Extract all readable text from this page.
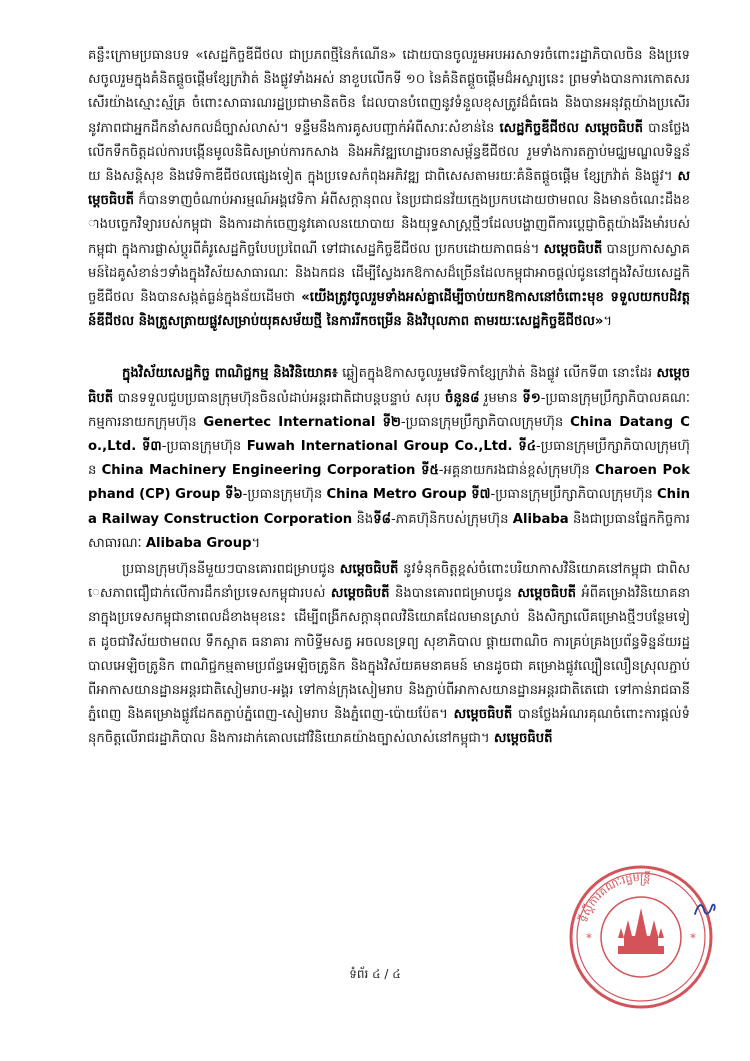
គន្លឹះក្រោមប្រធានបទ «សេដ្ឋកិច្ចឌីជីថល ជាប្រភពថ្មីនៃកំណើន» ដោយបានចូលរួមអបអរសាទរចំពោះរដ្ឋាភិបាលចិន និងប្រទេសចូលរួមក្នុងគំនិតផ្តួចផ្តើមខ្សែក្រវ៉ាត់ និងផ្លូវទាំងអស់ នាខួបលើកទី ១០ នៃគំនិតផ្តួចផ្តើមដ៏អស្ចារ្យនេះ ព្រមទាំងបានការកោតសរសើរយ៉ាងស្មោះស្ម័គ្រ ចំពោះសាធារណរដ្ឋប្រជាមានិតចិន ដែលបានបំពេញនូវទំនួលខុសត្រូវដ៏ធំធេង និងបានអនុវត្តយ៉ាងប្រសើរនូវភាពជាអ្នកដឹកនាំសកលដ៏ច្បាស់លាស់។ ទន្ទឹមនឹងការគូសបញ្ជាក់អំពីសារៈសំខាន់នៃ សេដ្ឋកិច្ចឌីជីថល សម្តេចធិបតី បានថ្លែងលើកទឹកចិត្តដល់ការបង្កើនមូលនិធិសម្រាប់ការកសាង និងអភិវឌ្ឍហេដ្ឋារចនាសម្ព័ន្ធឌីជីថល រួមទាំងការតភ្ជាប់មជ្ឈមណ្ឌលទិន្នន័យ និងសន្តិសុខ និងវេទិកាឌីជីថលផ្សេងទៀត ក្នុងប្រទេសកំពុងអភិវឌ្ឍ ជាពិសេសតាមរយៈគំនិតផ្តួចផ្តើម ខ្សែក្រវ៉ាត់ និងផ្លូវ។ សម្តេចធិបតី ក៏បានទាញចំណាប់អារម្មណ៍អង្គវេទិកា អំពីសក្តានុពល នៃប្រជាជនវ័យក្មេងប្រកបដោយថាមពល និងមានចំណេះដឹងខាងបច្ចេកវិទ្យារបស់កម្ពុជា និងការដាក់ចេញនូវគោលនយោបាយ និងយុទ្ធសាស្ត្រថ្មីៗដែលបង្ហាញពីការប្តេជ្ញាចិត្តយ៉ាងរឹងមាំរបស់កម្ពុជា ក្នុងការផ្លាស់ប្តូរពីគំរូសេដ្ឋកិច្ចបែបប្រពៃណី ទៅជាសេដ្ឋកិច្ចឌីជីថល ប្រកបដោយភាពធន់។ សម្តេចធិបតី បានប្រកាសស្វាគមន៍ដៃគូសំខាន់ៗទាំងក្នុងវិស័យសាធារណៈ និងឯកជន ដើម្បីស្វែងរកឱកាសដ៏ច្រើនដែលកម្ពុជាអាចផ្តល់ជូននៅក្នុងវិស័យសេដ្ឋកិច្ចឌីជីថល និងបានសង្កត់ធ្ងន់ក្នុងន័យដើមថា «យើងត្រូវចូលរួមទាំងអស់គ្នាដើម្បីចាប់យកឱកាសនៅចំពោះមុខ ទទួលយកបដិវត្តន៍ឌីជីថល និងត្រួសត្រាយផ្លូវសម្រាប់យុគសម័យថ្មី នៃការរីកចម្រើន និងវិបុលភាព តាមរយៈសេដ្ឋកិច្ចឌីជីថល»។

ក្នុងវិស័យសេដ្ឋកិច្ច ពាណិជ្ជកម្ម និងវិនិយោគ៖ ឆ្លៀតក្នុងឱកាសចូលរួមវេទិកាខ្សែក្រវ៉ាត់ និងផ្លូវ លើកទី៣ នោះដែរ សម្តេចធិបតី បានទទួលជួបប្រធានក្រុមហ៊ុនចិនលំដាប់អន្តរជាតិជាបន្តបន្ទាប់ សរុប ចំនួន៨ រួមមាន ទី១-ប្រធានក្រុមប្រឹក្សាភិបាលគណៈកម្មការនាយកក្រុមហ៊ុន Genertec International ទី២-ប្រធានក្រុមប្រឹក្សាភិបាលក្រុមហ៊ុន China Datang Co.,Ltd. ទី៣-ប្រធានក្រុមហ៊ុន Fuwah International Group Co.,Ltd. ទី៤-ប្រធានក្រុមប្រឹក្សាភិបាលក្រុមហ៊ុន China Machinery Engineering Corporation ទី៥-អគ្គនាយករងជាន់ខ្ពស់ក្រុមហ៊ុន Charoen Pokphand (CP) Group ទី៦-ប្រធានក្រុមហ៊ុន China Metro Group ទី៧-ប្រធានក្រុមប្រឹក្សាភិបាលក្រុមហ៊ុន China Railway Construction Corporation និងទី៨-ភាគហ៊ុនិកបស់ក្រុមហ៊ុន Alibaba និងជាប្រធានផ្នែកកិច្ចការសាធារណៈ Alibaba Group។

ប្រធានក្រុមហ៊ុននីមួយៗបានគោរពជម្រាបជូន សម្តេចធិបតី នូវទំនុកចិត្តខ្ពស់ចំពោះបរិយាកាសវិនិយោគនៅកម្ពុជា ជាពិសេសភាពជឿជាក់លើការដឹកនាំប្រទេសកម្ពុជារបស់ សម្តេចធិបតី និងបានគោរពជម្រាបជូន សម្តេចធិបតី អំពីគម្រោងវិនិយោគនានាក្នុងប្រទេសកម្ពុជានាពេលដ៏ខាងមុខនេះ ដើម្បីពង្រីកសក្តានុពលវិនិយោគដែលមានស្រាប់ និងសិក្សាលើគម្រោងថ្មីៗបន្ថែមទៀត ដូចជាវិស័យថាមពល ទឹកស្អាត ធនាគារ កាបិទ្ធីមសត្វ អចលនទ្រព្យ សុខាភិបាល ផ្តាយពាណិច ការគ្រប់គ្រងប្រព័ន្ធទិន្នន័យរដ្ឋបាលអេឡិចត្រូនិក ពាណិជ្ជកម្មតាមប្រព័ន្ធអេឡិចត្រូនិក និងក្នុងវិស័យគមនាគមន៍ មានដូចជា គម្រោងផ្លូវល្បឿនលឿនស្រុលភ្ជាប់ពីអាកាសយានដ្ឋានអន្តរជាតិសៀមរាប-អង្គរ ទៅកាន់ក្រុងសៀមរាប និងភ្ជាប់ពីអាកាសយានដ្ឋានអន្តរជាតិតេជោ ទៅកាន់រាជធានីភ្នំពេញ និងគម្រោងផ្លូវដែកតភ្ជាប់ភ្នំពេញ-សៀមរាប និងភ្នំពេញ-ប៉ោយប៉ែត។ សម្តេចធិបតី បានថ្លែងអំណរគុណចំពោះការផ្តល់ទំនុកចិត្តលើរាជរដ្ឋាភិបាល និងការដាក់គោលដៅវិនិយោគយ៉ាងច្បាស់លាស់នៅកម្ពុជា។ សម្តេចធិបតី

ទីស្តីការគណៈរដ្ឋមន្ត្រី
*	*
ទំព័រ ៤ / ៤
